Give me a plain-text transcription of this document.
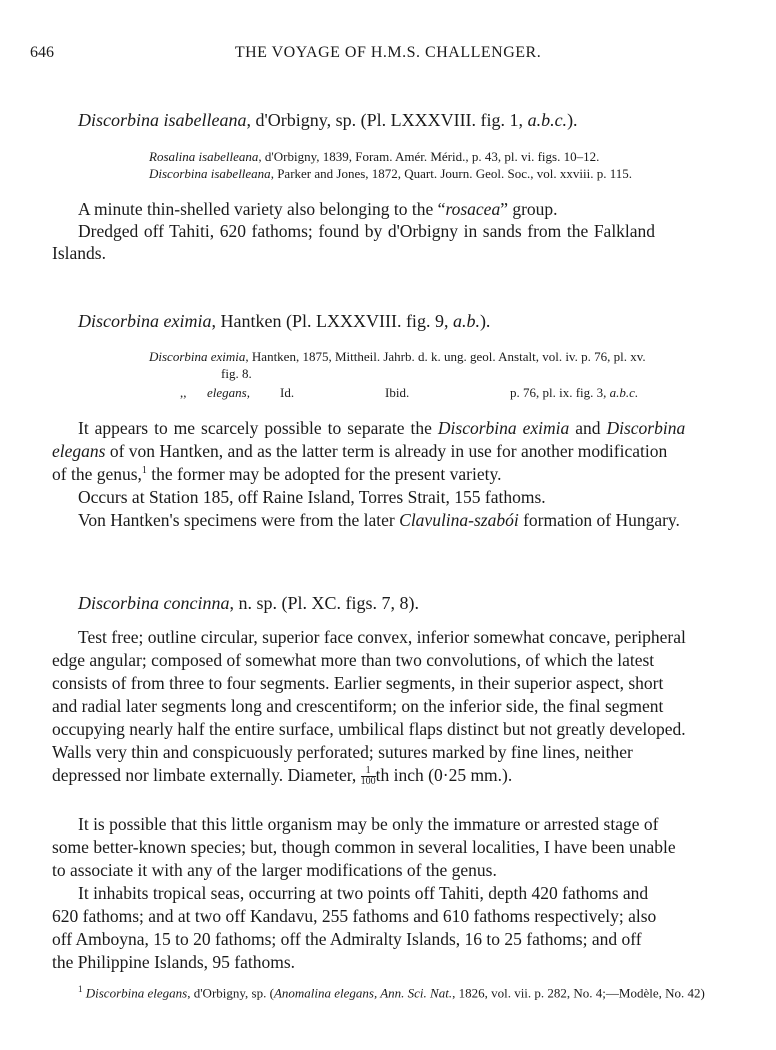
646	THE VOYAGE OF H.M.S. CHALLENGER.
Discorbina isabelleana, d'Orbigny, sp. (Pl. LXXXVIII. fig. 1, a.b.c.).
Rosalina isabelleana, d'Orbigny, 1839, Foram. Amér. Mérid., p. 43, pl. vi. figs. 10–12.
Discorbina isabelleana, Parker and Jones, 1872, Quart. Journ. Geol. Soc., vol. xxviii. p. 115.
A minute thin-shelled variety also belonging to the “rosacea” group.
Dredged off Tahiti, 620 fathoms; found by d'Orbigny in sands from the Falkland
Islands.
Discorbina eximia, Hantken (Pl. LXXXVIII. fig. 9, a.b.).
Discorbina eximia, Hantken, 1875, Mittheil. Jahrb. d. k. ung. geol. Anstalt, vol. iv. p. 76, pl. xv.
fig. 8.
,, elegans, Id.	Ibid.	p. 76, pl. ix. fig. 3, a.b.c.
It appears to me scarcely possible to separate the Discorbina eximia and Discorbina
elegans of von Hantken, and as the latter term is already in use for another modification
of the genus,$^1$ the former may be adopted for the present variety.
Occurs at Station 185, off Raine Island, Torres Strait, 155 fathoms.
Von Hantken's specimens were from the later Clavulina-szabói formation of Hungary.
Discorbina concinna, n. sp. (Pl. XC. figs. 7, 8).
Test free; outline circular, superior face convex, inferior somewhat concave, peripheral
edge angular; composed of somewhat more than two convolutions, of which the latest
consists of from three to four segments. Earlier segments, in their superior aspect, short
and radial later segments long and crescentiform; on the inferior side, the final segment
occupying nearly half the entire surface, umbilical flaps distinct but not greatly developed.
Walls very thin and conspicuously perforated; sutures marked by fine lines, neither
depressed nor limbate externally. Diameter, $\frac{1}{100}$ th inch (0·25 mm.).
It is possible that this little organism may be only the immature or arrested stage of
some better-known species; but, though common in several localities, I have been unable
to associate it with any of the larger modifications of the genus.
It inhabits tropical seas, occurring at two points off Tahiti, depth 420 fathoms and
620 fathoms; and at two off Kandavu, 255 fathoms and 610 fathoms respectively; also
off Amboyna, 15 to 20 fathoms; off the Admiralty Islands, 16 to 25 fathoms; and off
the Philippine Islands, 95 fathoms.
$^1$ Discorbina elegans, d'Orbigny, sp. (Anomalina elegans, Ann. Sci. Nat., 1826, vol. vii. p. 282, No. 4;—Modèle, No. 42)
